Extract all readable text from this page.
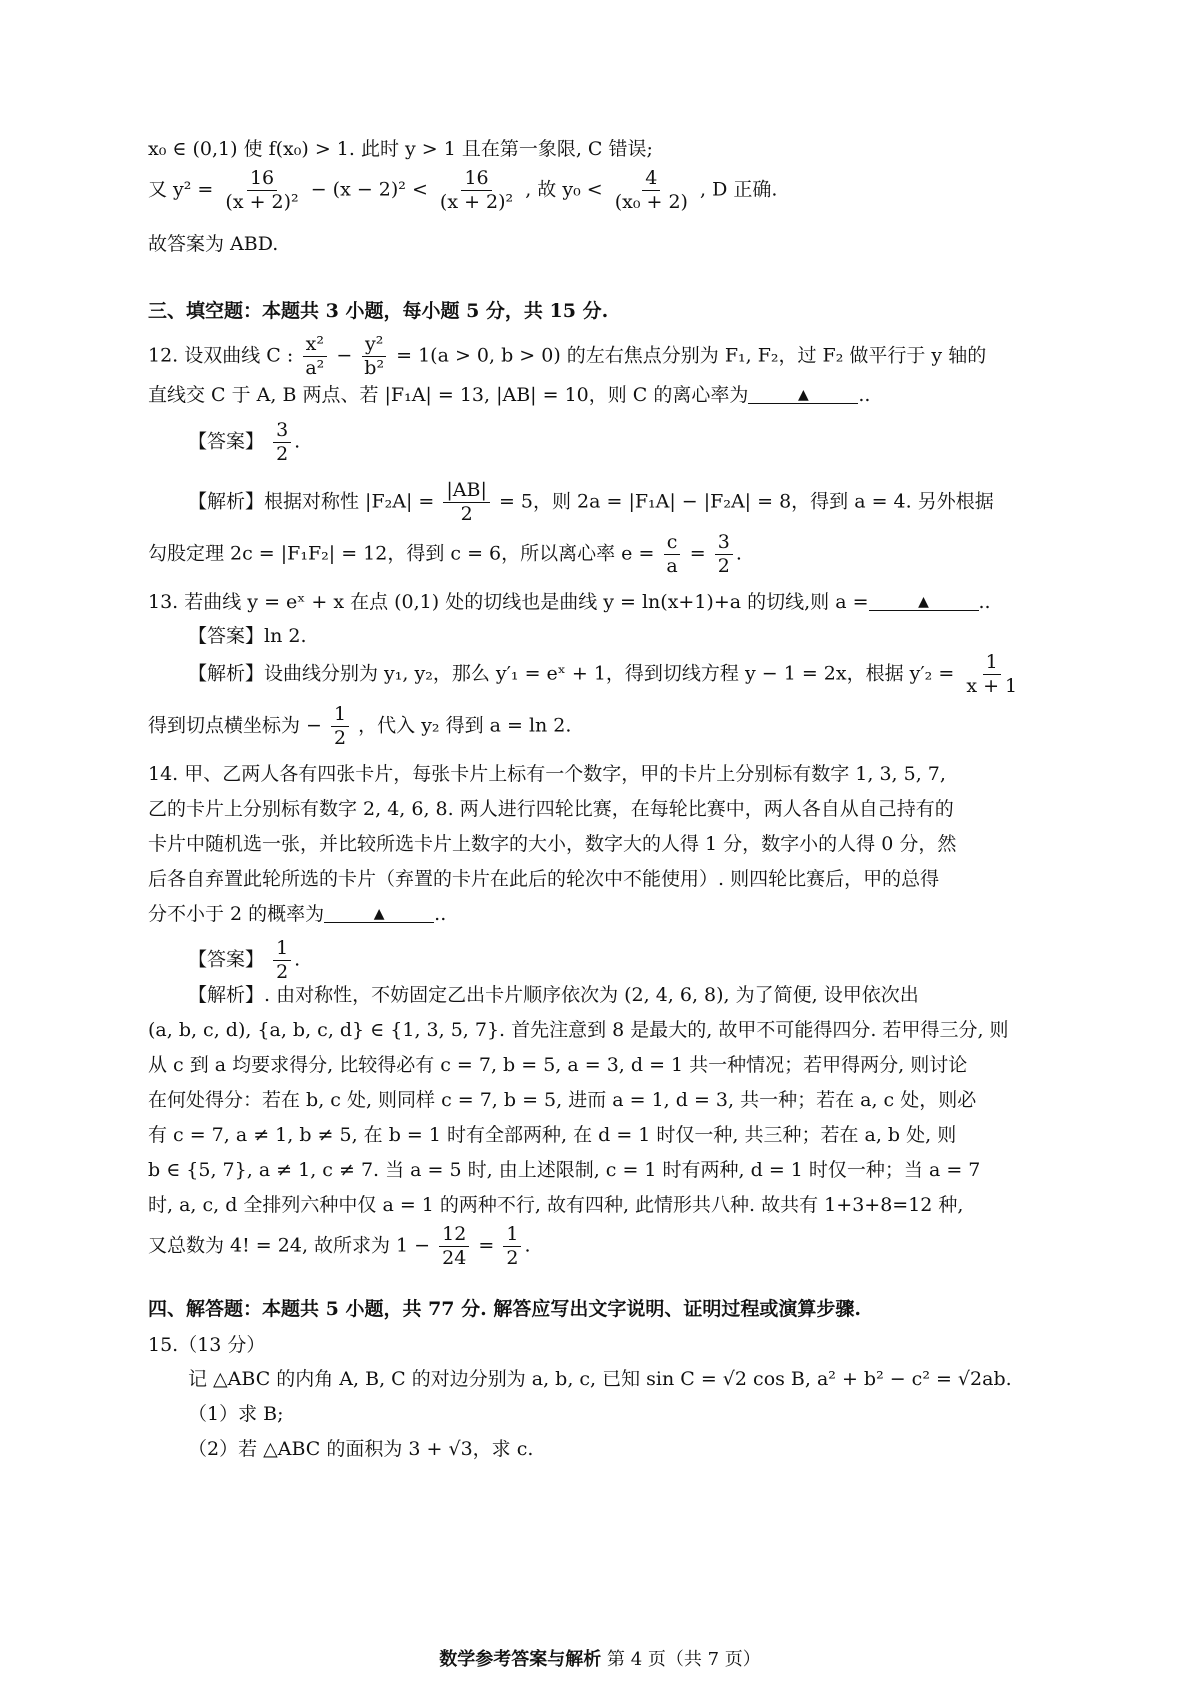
x₀ ∈ (0,1) 使 f(x₀) > 1. 此时 y > 1 且在第一象限, C 错误;
又 $y^2 = \frac{16}{\text{(x + 2)²}} - (x - 2)^2 < \frac{16}{\text{(x + 2)²}}$ , 故 $y_0 < \frac{4}{\text{(x₀ + 2)}}$ , D 正确.
故答案为 ABD.
三、填空题：本题共 3 小题，每小题 5 分，共 15 分.
12. 设双曲线 C : $\frac{\text{x²}}{\text{a²}} - \frac{\text{y²}}{\text{b²}} = 1(a > 0$, b > 0) 的左右焦点分别为 F₁, F₂，过 F₂ 做平行于 y 轴的
直线交 C 于 A, B 两点、若 |F₁A| = 13, |AB| = 10，则 C 的离心率为	▲	..
【答案】 $\frac{3}{2}$ .
【解析】根据对称性 $|F_2A| = \frac{|AB|}{2} = 5$，则 2a = |F₁A| − |F₂A| = 8，得到 a = 4. 另外根据
勾股定理 2c = |F₁F₂| = 12，得到 c = 6，所以离心率 $e = \frac{c}{a} = \frac{3}{2}$ .
13. 若曲线 y = eˣ + x 在点 (0,1) 处的切线也是曲线 y = ln(x+1)+a 的切线,则 a =	▲	..
【答案】ln 2.
【解析】设曲线分别为 y₁, y₂，那么 y′₁ = eˣ + 1，得到切线方程 y − 1 = 2x，根据 $y'_2 = \frac{1}{x + 1}$
得到切点横坐标为 − $\frac{1}{2}$ ，代入 y₂ 得到 a = ln 2.
14. 甲、乙两人各有四张卡片，每张卡片上标有一个数字，甲的卡片上分别标有数字 1, 3, 5, 7,
乙的卡片上分别标有数字 2, 4, 6, 8. 两人进行四轮比赛，在每轮比赛中，两人各自从自己持有的
卡片中随机选一张，并比较所选卡片上数字的大小，数字大的人得 1 分，数字小的人得 0 分，然
后各自弃置此轮所选的卡片（弃置的卡片在此后的轮次中不能使用）. 则四轮比赛后，甲的总得
分不小于 2 的概率为	▲	..
【答案】 $\frac{1}{2}$ .
【解析】. 由对称性，不妨固定乙出卡片顺序依次为 (2, 4, 6, 8), 为了简便, 设甲依次出
(a, b, c, d), {a, b, c, d} ∈ {1, 3, 5, 7}. 首先注意到 8 是最大的, 故甲不可能得四分. 若甲得三分, 则
从 c 到 a 均要求得分, 比较得必有 c = 7, b = 5, a = 3, d = 1 共一种情况；若甲得两分, 则讨论
在何处得分：若在 b, c 处, 则同样 c = 7, b = 5, 进而 a = 1, d = 3, 共一种；若在 a, c 处，则必
有 c = 7, a ≠ 1, b ≠ 5, 在 b = 1 时有全部两种, 在 d = 1 时仅一种, 共三种；若在 a, b 处, 则
b ∈ {5, 7}, a ≠ 1, c ≠ 7. 当 a = 5 时, 由上述限制, c = 1 时有两种, d = 1 时仅一种；当 a = 7
时, a, c, d 全排列六种中仅 a = 1 的两种不行, 故有四种, 此情形共八种. 故共有 1+3+8=12 种,
又总数为 4! = 24, 故所求为 $1 - \frac{12}{24} = \frac{1}{2}$ .
四、解答题：本题共 5 小题，共 77 分. 解答应写出文字说明、证明过程或演算步骤.
15.（13 分）
记 △ABC 的内角 A, B, C 的对边分别为 a, b, c, 已知 sin C = √2 cos B, a² + b² − c² = √2ab.
（1）求 B;
（2）若 △ABC 的面积为 3 + √3，求 c.
数学参考答案与解析 第 4 页（共 7 页）
